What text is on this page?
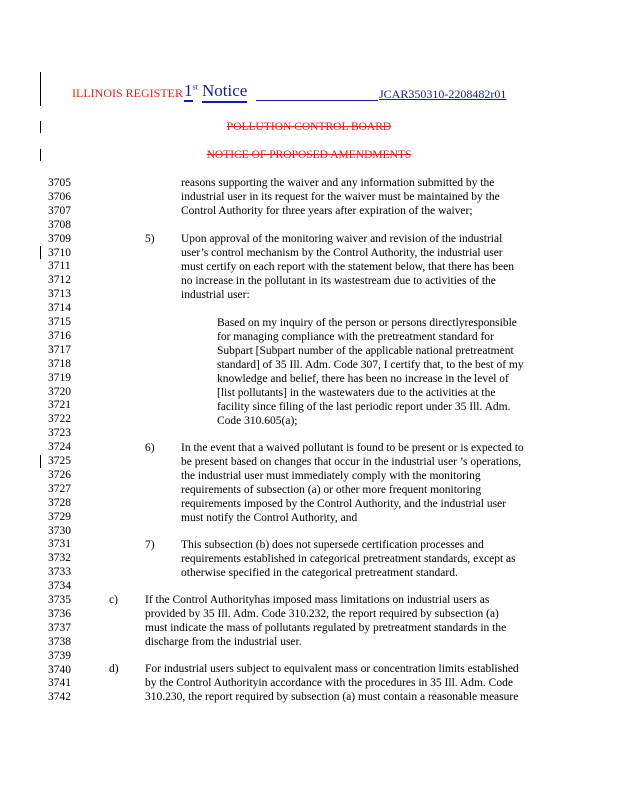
ILLINOIS REGISTER 1st Notice	JCAR350310-2208482r01
POLLUTION CONTROL BOARD
NOTICE OF PROPOSED AMENDMENTS
3705
3706
3707
3708
3709
3710
3711
3712
3713
3714
3715
3716
3717
3718
3719
3720
3721
3722
3723
3724
3725
3726
3727
3728
3729
3730
3731
3732
3733
3734
3735
3736
3737
3738
3739
3740
3741
3742
reasons supporting the waiver and any information submitted by the
industrial user in its request for the waiver must be maintained by the
Control Authority for three years after expiration of the waiver;
5) Upon approval of the monitoring waiver and revision of the industrial
user’s control mechanism by the Control Authority, the industrial user
must certify on each report with the statement below, that there has been
no increase in the pollutant in its wastestream due to activities of the
industrial user:
Based on my inquiry of the person or persons directlyresponsible
for managing compliance with the pretreatment standard for
Subpart [Subpart number of the applicable national pretreatment
standard] of 35 Ill. Adm. Code 307, I certify that, to the best of my
knowledge and belief, there has been no increase in the level of
[list pollutants] in the wastewaters due to the activities at the
facility since filing of the last periodic report under 35 Ill. Adm.
Code 310.605(a);
6) In the event that a waived pollutant is found to be present or is expected to
be present based on changes that occur in the industrial user ’s operations,
the industrial user must immediately comply with the monitoring
requirements of subsection (a) or other more frequent monitoring
requirements imposed by the Control Authority, and the industrial user
must notify the Control Authority, and
7) This subsection (b) does not supersede certification processes and
requirements established in categorical pretreatment standards, except as
otherwise specified in the categorical pretreatment standard.
c) If the Control Authorityhas imposed mass limitations on industrial users as
provided by 35 Ill. Adm. Code 310.232, the report required by subsection (a)
must indicate the mass of pollutants regulated by pretreatment standards in the
discharge from the industrial user.
d) For industrial users subject to equivalent mass or concentration limits established
by the Control Authorityin accordance with the procedures in 35 Ill. Adm. Code
310.230, the report required by subsection (a) must contain a reasonable measure
